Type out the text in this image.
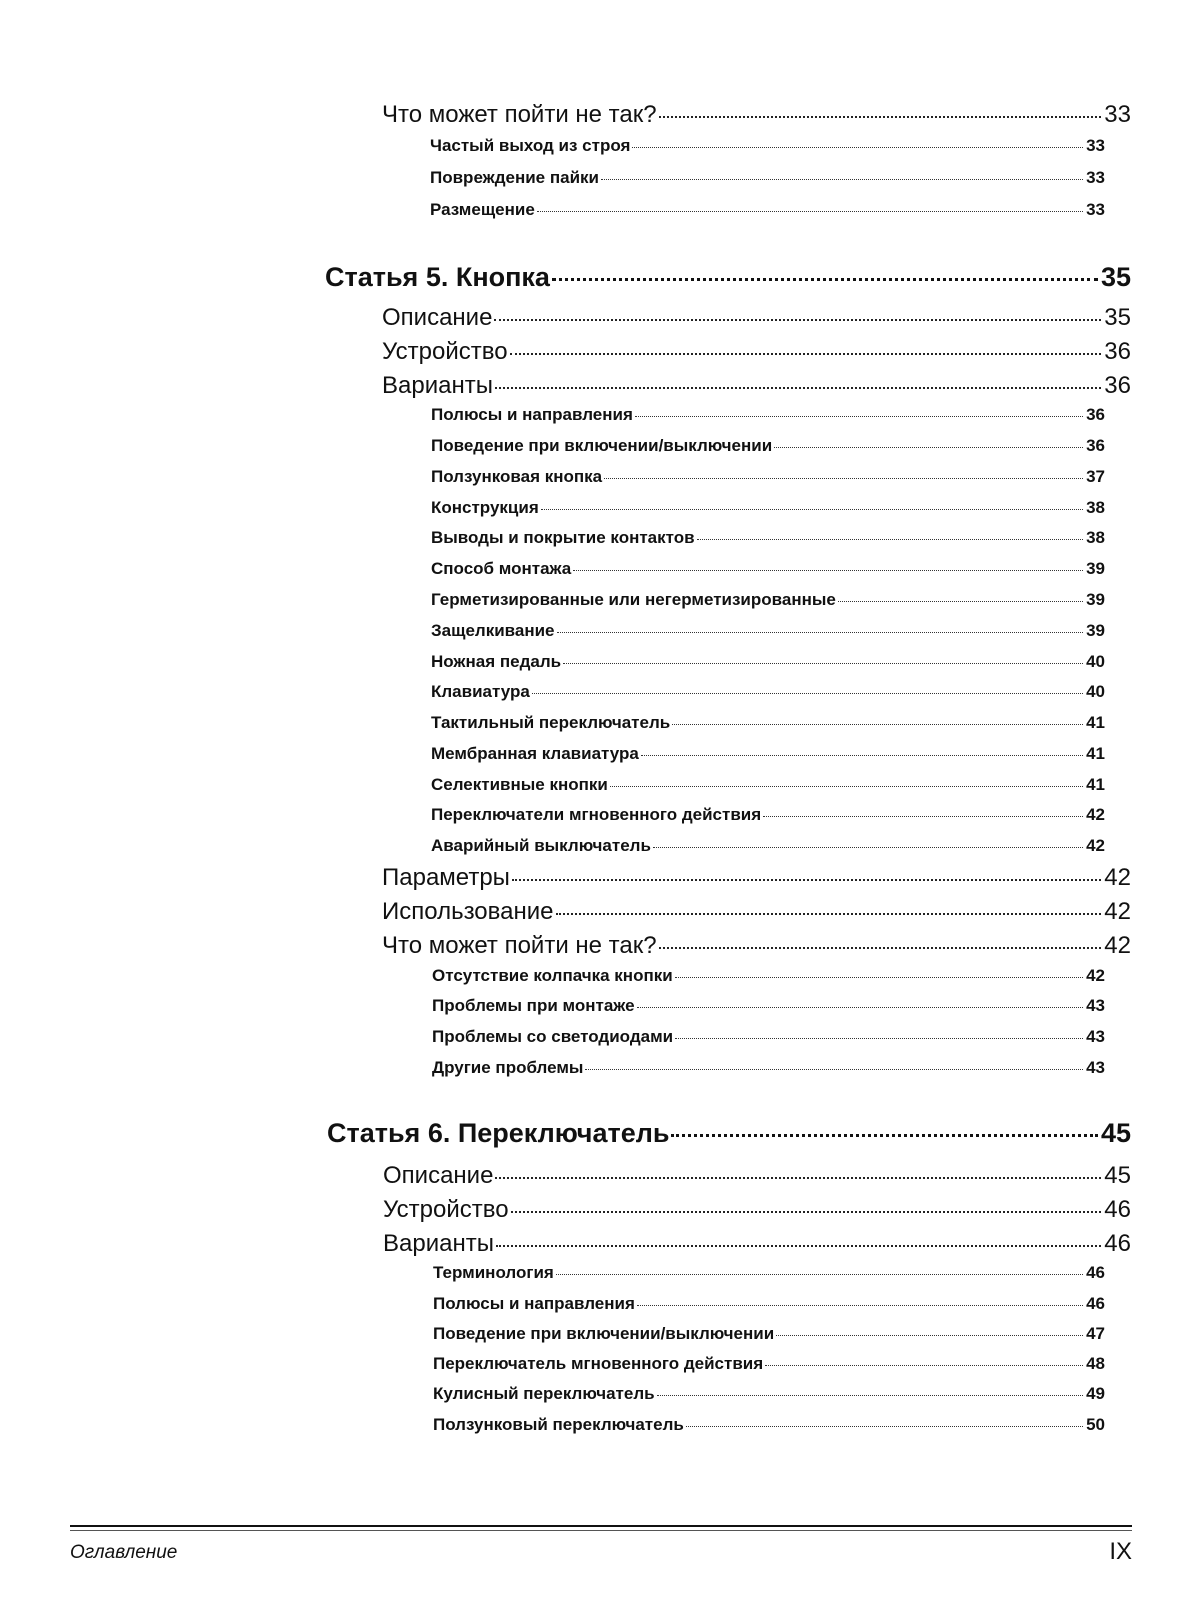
Что может пойти не так?	33
Частый выход из строя	33
Повреждение пайки	33
Размещение	33
Статья 5. Кнопка	35
Описание	35
Устройство	36
Варианты	36
Полюсы и направления	36
Поведение при включении/выключении	36
Ползунковая кнопка	37
Конструкция	38
Выводы и покрытие контактов	38
Способ монтажа	39
Герметизированные или негерметизированные	39
Защелкивание	39
Ножная педаль	40
Клавиатура	40
Тактильный переключатель	41
Мембранная клавиатура	41
Селективные кнопки	41
Переключатели мгновенного действия	42
Аварийный выключатель	42
Параметры	42
Использование	42
Что может пойти не так?	42
Отсутствие колпачка кнопки	42
Проблемы при монтаже	43
Проблемы со светодиодами	43
Другие проблемы	43
Статья 6. Переключатель	45
Описание	45
Устройство	46
Варианты	46
Терминология	46
Полюсы и направления	46
Поведение при включении/выключении	47
Переключатель мгновенного действия	48
Кулисный переключатель	49
Ползунковый переключатель	50
Оглавление	IX
